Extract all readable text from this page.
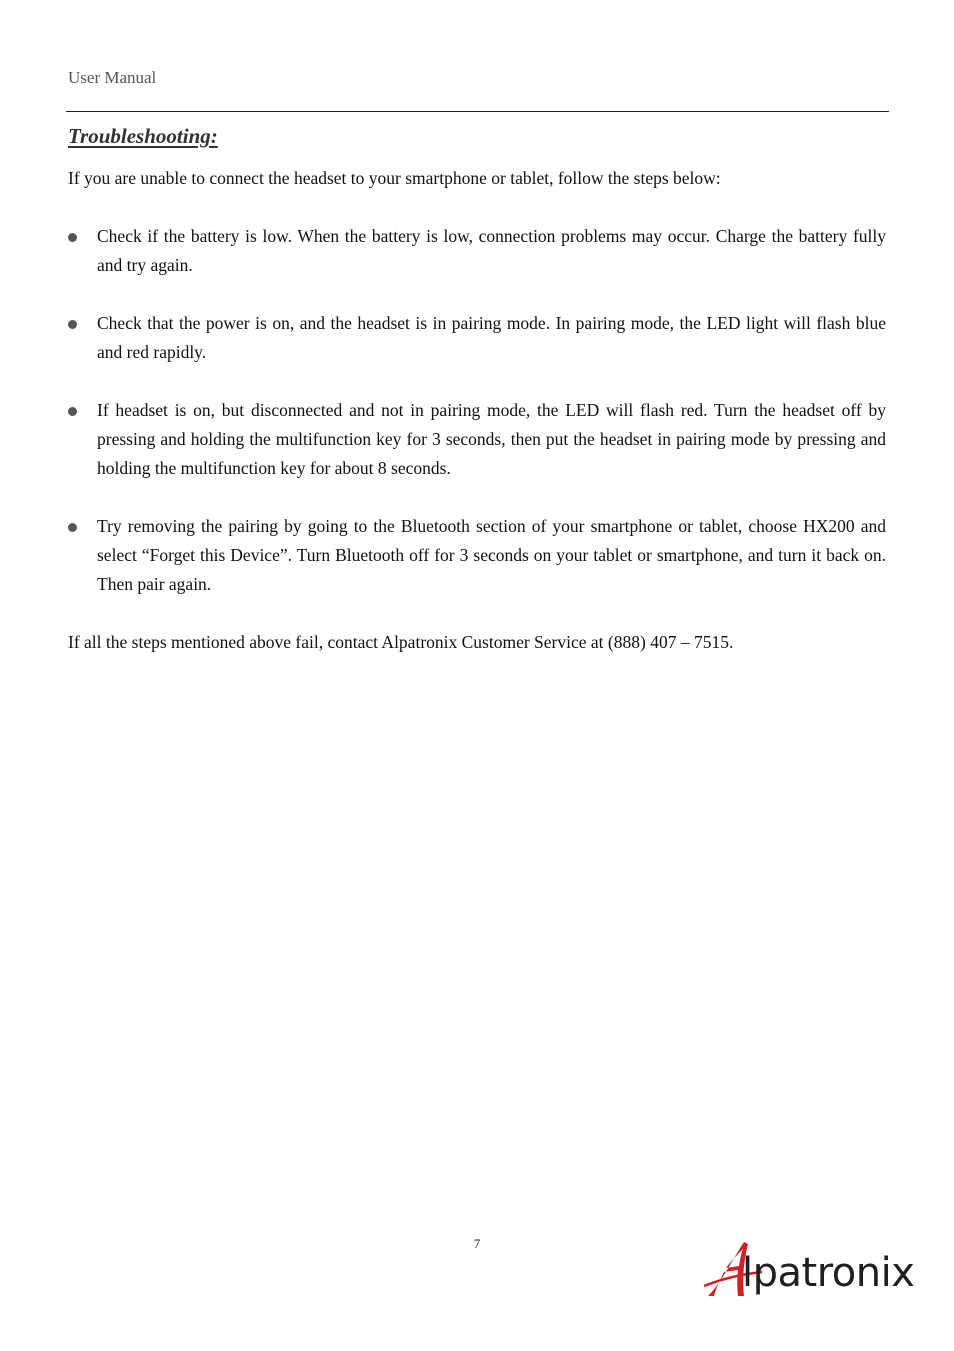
User Manual
Troubleshooting:

If you are unable to connect the headset to your smartphone or tablet, follow the steps below:

Check if the battery is low. When the battery is low, connection problems may occur. Charge the battery fully and try again.
Check that the power is on, and the headset is in pairing mode. In pairing mode, the LED light will flash blue and red rapidly.
If headset is on, but disconnected and not in pairing mode, the LED will flash red. Turn the headset off by pressing and holding the multifunction key for 3 seconds, then put the headset in pairing mode by pressing and holding the multifunction key for about 8 seconds.
Try removing the pairing by going to the Bluetooth section of your smartphone or tablet, choose HX200 and select “Forget this Device”. Turn Bluetooth off for 3 seconds on your tablet or smartphone, and turn it back on. Then pair again.

If all the steps mentioned above fail, contact Alpatronix Customer Service at (888) 407 – 7515.

7
lpatronix
